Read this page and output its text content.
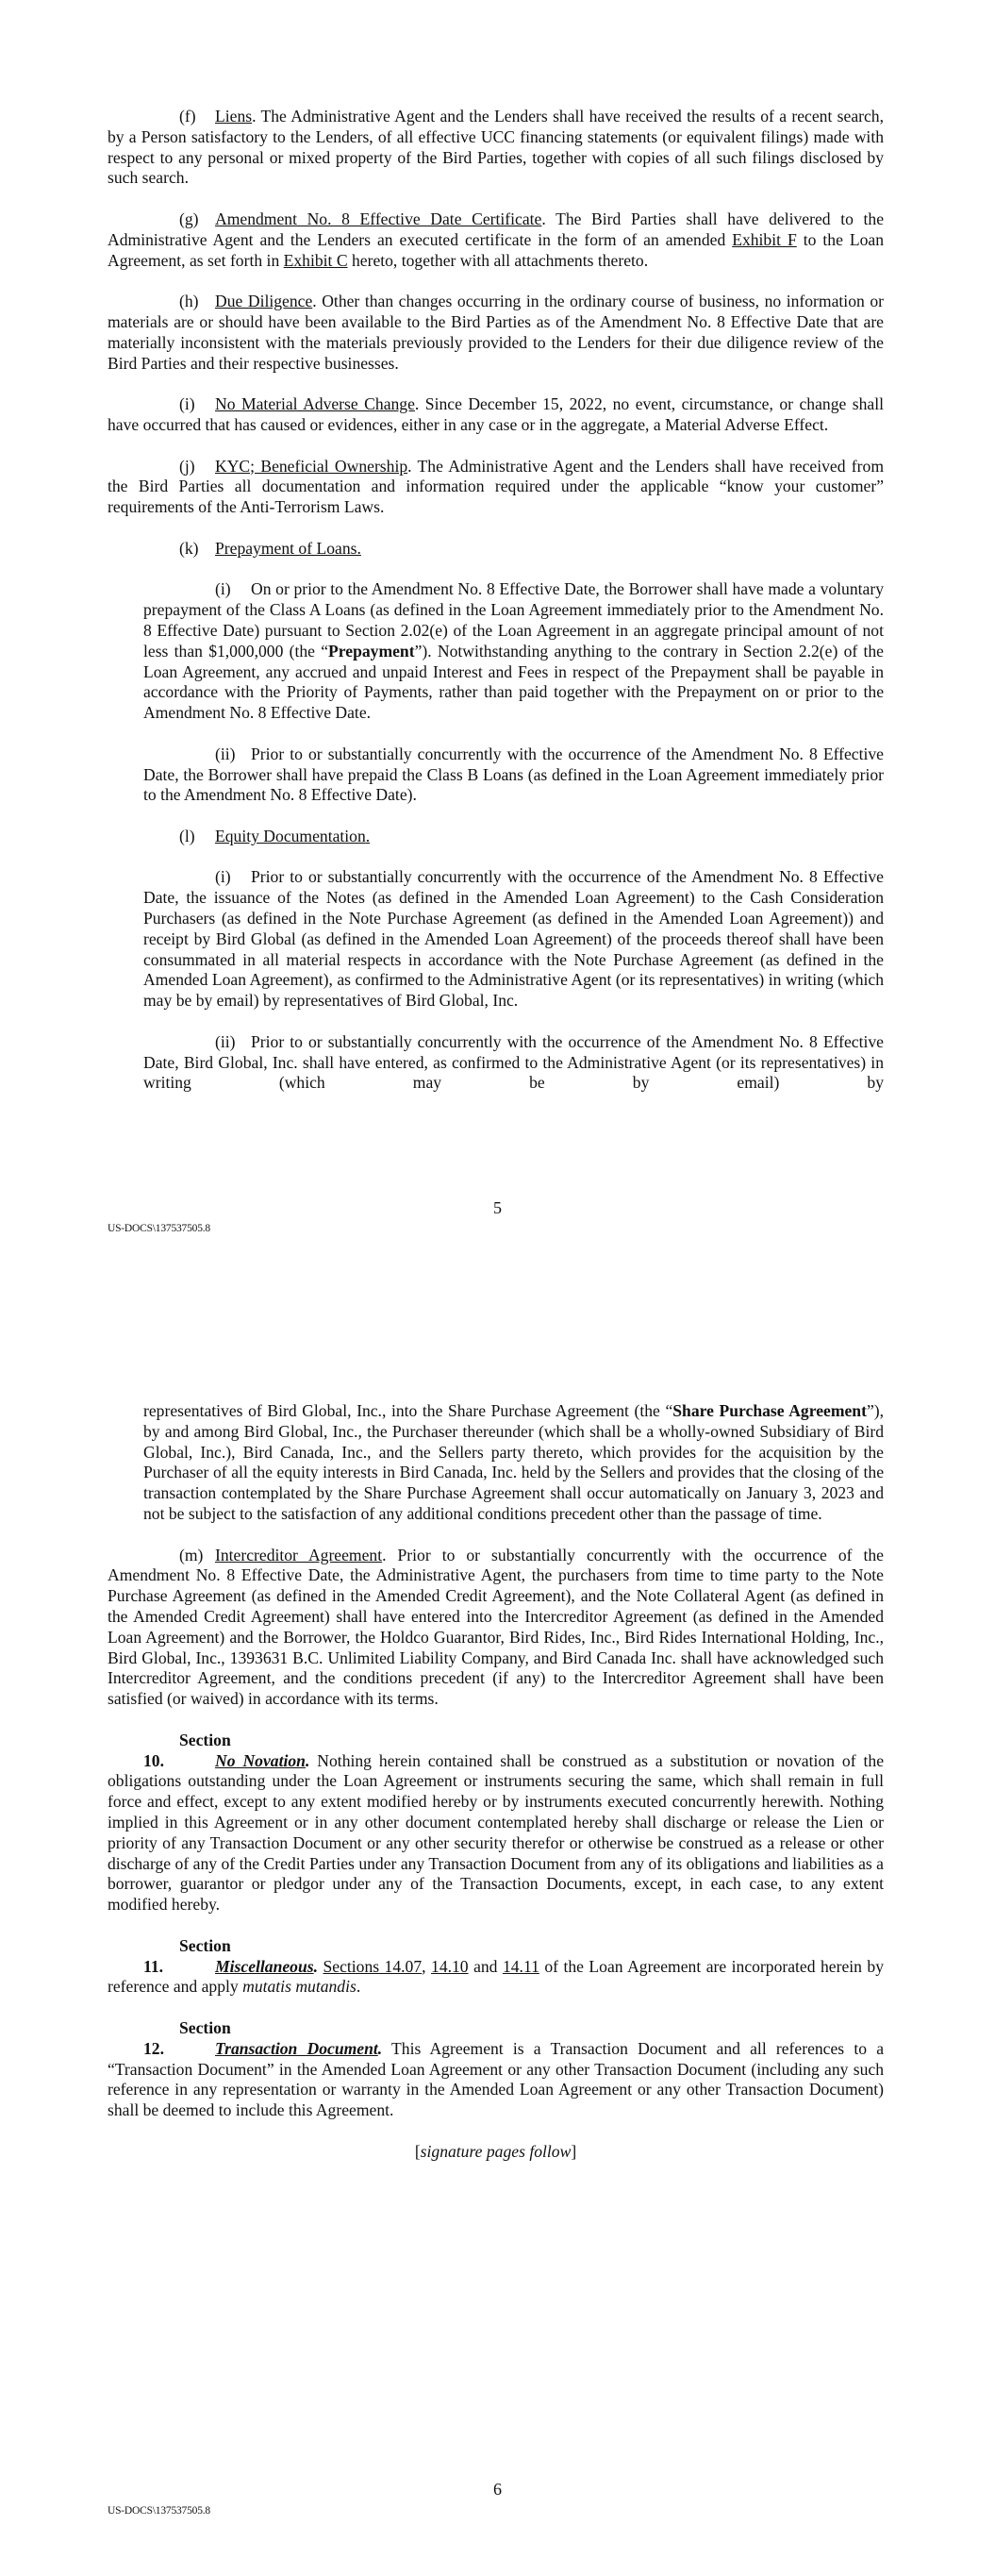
(f) Liens. The Administrative Agent and the Lenders shall have received the results of a recent search, by a Person satisfactory to the Lenders, of all effective UCC financing statements (or equivalent filings) made with respect to any personal or mixed property of the Bird Parties, together with copies of all such filings disclosed by such search.

(g) Amendment No. 8 Effective Date Certificate. The Bird Parties shall have delivered to the Administrative Agent and the Lenders an executed certificate in the form of an amended Exhibit F to the Loan Agreement, as set forth in Exhibit C hereto, together with all attachments thereto.

(h) Due Diligence. Other than changes occurring in the ordinary course of business, no information or materials are or should have been available to the Bird Parties as of the Amendment No. 8 Effective Date that are materially inconsistent with the materials previously provided to the Lenders for their due diligence review of the Bird Parties and their respective businesses.

(i) No Material Adverse Change. Since December 15, 2022, no event, circumstance, or change shall have occurred that has caused or evidences, either in any case or in the aggregate, a Material Adverse Effect.

(j) KYC; Beneficial Ownership. The Administrative Agent and the Lenders shall have received from the Bird Parties all documentation and information required under the applicable “know your customer” requirements of the Anti-Terrorism Laws.

(k) Prepayment of Loans.

(i) On or prior to the Amendment No. 8 Effective Date, the Borrower shall have made a voluntary prepayment of the Class A Loans (as defined in the Loan Agreement immediately prior to the Amendment No. 8 Effective Date) pursuant to Section 2.02(e) of the Loan Agreement in an aggregate principal amount of not less than $1,000,000 (the “Prepayment”). Notwithstanding anything to the contrary in Section 2.2(e) of the Loan Agreement, any accrued and unpaid Interest and Fees in respect of the Prepayment shall be payable in accordance with the Priority of Payments, rather than paid together with the Prepayment on or prior to the Amendment No. 8 Effective Date.

(ii) Prior to or substantially concurrently with the occurrence of the Amendment No. 8 Effective Date, the Borrower shall have prepaid the Class B Loans (as defined in the Loan Agreement immediately prior to the Amendment No. 8 Effective Date).

(l) Equity Documentation.

(i) Prior to or substantially concurrently with the occurrence of the Amendment No. 8 Effective Date, the issuance of the Notes (as defined in the Amended Loan Agreement) to the Cash Consideration Purchasers (as defined in the Note Purchase Agreement (as defined in the Amended Loan Agreement)) and receipt by Bird Global (as defined in the Amended Loan Agreement) of the proceeds thereof shall have been consummated in all material respects in accordance with the Note Purchase Agreement (as defined in the Amended Loan Agreement), as confirmed to the Administrative Agent (or its representatives) in writing (which may be by email) by representatives of Bird Global, Inc.

(ii) Prior to or substantially concurrently with the occurrence of the Amendment No. 8 Effective Date, Bird Global, Inc. shall have entered, as confirmed to the Administrative Agent (or its representatives) in writing (which may be by email) by

5
US-DOCS\137537505.8

representatives of Bird Global, Inc., into the Share Purchase Agreement (the “Share Purchase Agreement”), by and among Bird Global, Inc., the Purchaser thereunder (which shall be a wholly-owned Subsidiary of Bird Global, Inc.), Bird Canada, Inc., and the Sellers party thereto, which provides for the acquisition by the Purchaser of all the equity interests in Bird Canada, Inc. held by the Sellers and provides that the closing of the transaction contemplated by the Share Purchase Agreement shall occur automatically on January 3, 2023 and not be subject to the satisfaction of any additional conditions precedent other than the passage of time.

(m) Intercreditor Agreement. Prior to or substantially concurrently with the occurrence of the Amendment No. 8 Effective Date, the Administrative Agent, the purchasers from time to time party to the Note Purchase Agreement (as defined in the Amended Credit Agreement), and the Note Collateral Agent (as defined in the Amended Credit Agreement) shall have entered into the Intercreditor Agreement (as defined in the Amended Loan Agreement) and the Borrower, the Holdco Guarantor, Bird Rides, Inc., Bird Rides International Holding, Inc., Bird Global, Inc., 1393631 B.C. Unlimited Liability Company, and Bird Canada Inc. shall have acknowledged such Intercreditor Agreement, and the conditions precedent (if any) to the Intercreditor Agreement shall have been satisfied (or waived) in accordance with its terms.

Section 10.	No Novation. Nothing herein contained shall be construed as a substitution or novation of the obligations outstanding under the Loan Agreement or instruments securing the same, which shall remain in full force and effect, except to any extent modified hereby or by instruments executed concurrently herewith. Nothing implied in this Agreement or in any other document contemplated hereby shall discharge or release the Lien or priority of any Transaction Document or any other security therefor or otherwise be construed as a release or other discharge of any of the Credit Parties under any Transaction Document from any of its obligations and liabilities as a borrower, guarantor or pledgor under any of the Transaction Documents, except, in each case, to any extent modified hereby.

Section 11.	Miscellaneous. Sections 14.07, 14.10 and 14.11 of the Loan Agreement are incorporated herein by reference and apply mutatis mutandis.

Section 12.	Transaction Document. This Agreement is a Transaction Document and all references to a “Transaction Document” in the Amended Loan Agreement or any other Transaction Document (including any such reference in any representation or warranty in the Amended Loan Agreement or any other Transaction Document) shall be deemed to include this Agreement.

[signature pages follow]

6
US-DOCS\137537505.8
